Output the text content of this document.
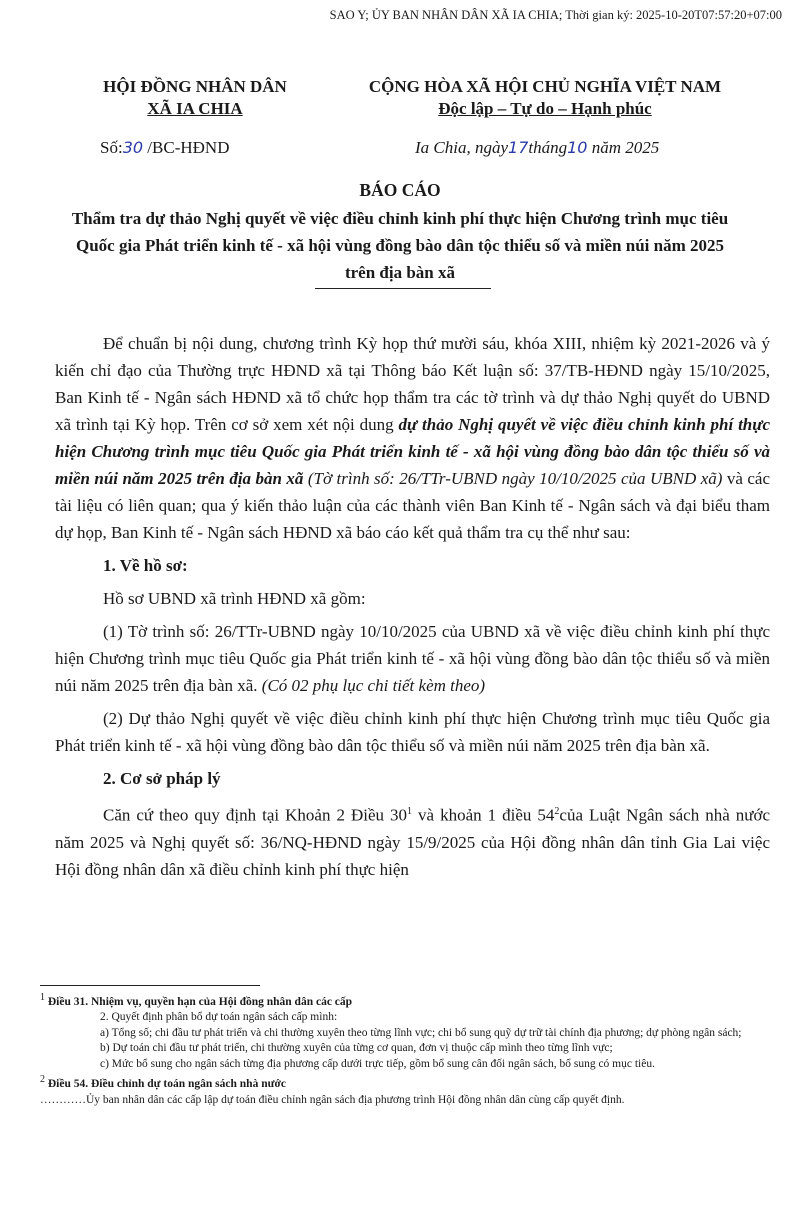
SAO Y; ỦY BAN NHÂN DÂN XÃ IA CHIA; Thời gian ký: 2025-10-20T07:57:20+07:00
HỘI ĐỒNG NHÂN DÂN
XÃ IA CHIA
CỘNG HÒA XÃ HỘI CHỦ NGHĨA VIỆT NAM
Độc lập – Tự do – Hạnh phúc
Số:30 /BC-HĐND	Ia Chia, ngày17tháng10 năm 2025
BÁO CÁO
Thẩm tra dự thảo Nghị quyết về việc điều chỉnh kinh phí thực hiện Chương trình mục tiêu Quốc gia Phát triển kinh tế - xã hội vùng đồng bào dân tộc thiểu số và miền núi năm 2025 trên địa bàn xã

Để chuẩn bị nội dung, chương trình Kỳ họp thứ mười sáu, khóa XIII, nhiệm kỳ 2021-2026 và ý kiến chỉ đạo của Thường trực HĐND xã tại Thông báo Kết luận số: 37/TB-HĐND ngày 15/10/2025, Ban Kinh tế - Ngân sách HĐND xã tổ chức họp thẩm tra các tờ trình và dự thảo Nghị quyết do UBND xã trình tại Kỳ họp. Trên cơ sở xem xét nội dung dự thảo Nghị quyết về việc điều chỉnh kinh phí thực hiện Chương trình mục tiêu Quốc gia Phát triển kinh tế - xã hội vùng đồng bào dân tộc thiểu số và miền núi năm 2025 trên địa bàn xã (Tờ trình số: 26/TTr-UBND ngày 10/10/2025 của UBND xã) và các tài liệu có liên quan; qua ý kiến thảo luận của các thành viên Ban Kinh tế - Ngân sách và đại biểu tham dự họp, Ban Kinh tế - Ngân sách HĐND xã báo cáo kết quả thẩm tra cụ thể như sau:

1. Về hồ sơ:

Hồ sơ UBND xã trình HĐND xã gồm:

(1) Tờ trình số: 26/TTr-UBND ngày 10/10/2025 của UBND xã về việc điều chỉnh kinh phí thực hiện Chương trình mục tiêu Quốc gia Phát triển kinh tế - xã hội vùng đồng bào dân tộc thiểu số và miền núi năm 2025 trên địa bàn xã. (Có 02 phụ lục chi tiết kèm theo)

(2) Dự thảo Nghị quyết về việc điều chỉnh kinh phí thực hiện Chương trình mục tiêu Quốc gia Phát triển kinh tế - xã hội vùng đồng bào dân tộc thiểu số và miền núi năm 2025 trên địa bàn xã.

2. Cơ sở pháp lý

Căn cứ theo quy định tại Khoản 2 Điều $30^1$ và khoản 1 điều $54^2của$ Luật Ngân sách nhà nước năm 2025 và Nghị quyết số: 36/NQ-HĐND ngày 15/9/2025 của Hội đồng nhân dân tỉnh Gia Lai việc Hội đồng nhân dân xã điều chỉnh kinh phí thực hiện

$^1$ Điều 31. Nhiệm vụ, quyền hạn của Hội đồng nhân dân các cấp

2. Quyết định phân bổ dự toán ngân sách cấp mình:

a) Tổng số; chi đầu tư phát triển và chi thường xuyên theo từng lĩnh vực; chi bổ sung quỹ dự trữ tài chính địa phương; dự phòng ngân sách;

b) Dự toán chi đầu tư phát triển, chi thường xuyên của từng cơ quan, đơn vị thuộc cấp mình theo từng lĩnh vực;

c) Mức bổ sung cho ngân sách từng địa phương cấp dưới trực tiếp, gồm bổ sung cân đối ngân sách, bổ sung có mục tiêu.

$^2$ Điều 54. Điều chỉnh dự toán ngân sách nhà nước

…………Ủy ban nhân dân các cấp lập dự toán điều chỉnh ngân sách địa phương trình Hội đồng nhân dân cùng cấp quyết định.
